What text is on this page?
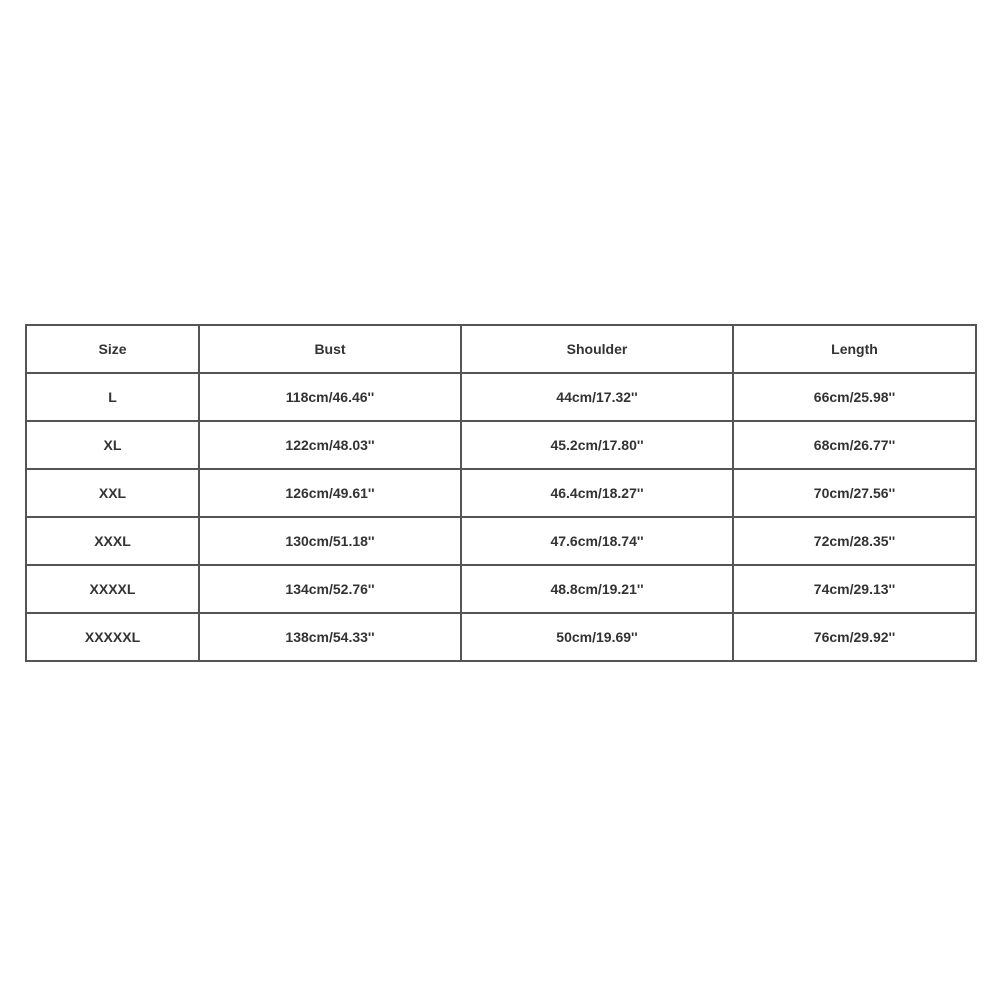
Size	Bust	Shoulder	Length
L	118cm/46.46''	44cm/17.32''	66cm/25.98''
XL	122cm/48.03''	45.2cm/17.80''	68cm/26.77''
XXL	126cm/49.61''	46.4cm/18.27''	70cm/27.56''
XXXL	130cm/51.18''	47.6cm/18.74''	72cm/28.35''
XXXXL	134cm/52.76''	48.8cm/19.21''	74cm/29.13''
XXXXXL	138cm/54.33''	50cm/19.69''	76cm/29.92''
